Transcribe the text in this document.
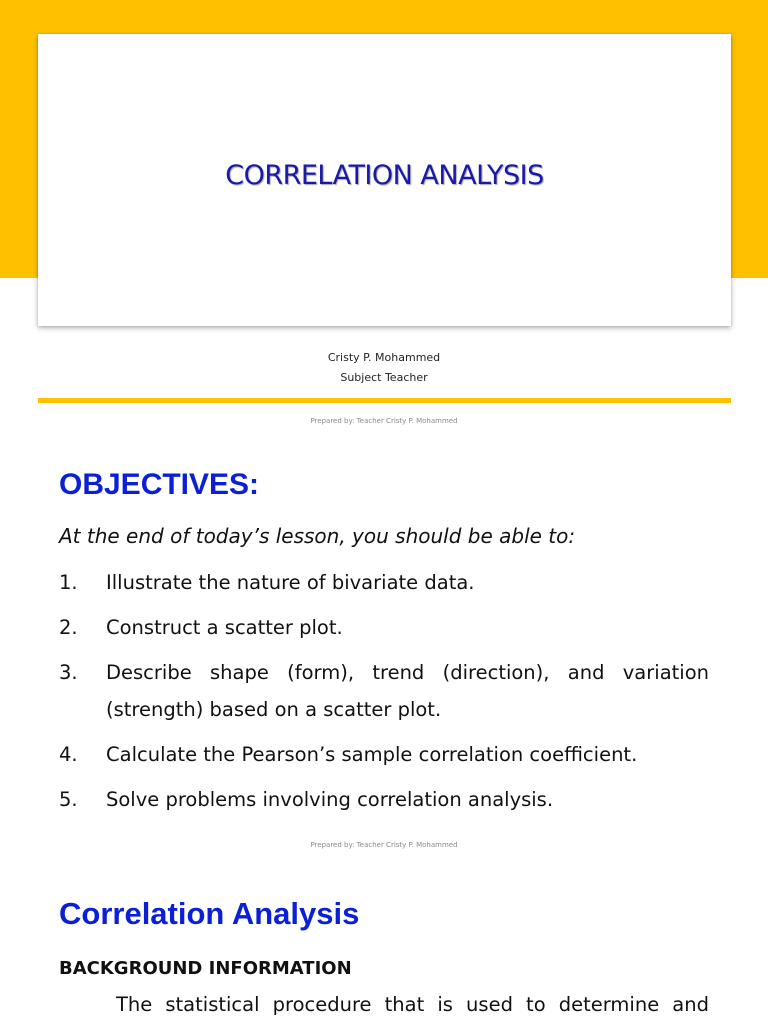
CORRELATION ANALYSIS
Cristy P. Mohammed
Subject Teacher
Prepared by: Teacher Cristy P. Mohammed
OBJECTIVES:
At the end of today’s lesson, you should be able to:
1.	Illustrate the nature of bivariate data.
2.	Construct a scatter plot.
3.	Describe shape (form), trend (direction), and variation (strength) based on a scatter plot.
4.	Calculate the Pearson’s sample correlation coefficient.
5.	Solve problems involving correlation analysis.
Prepared by: Teacher Cristy P. Mohammed
Correlation Analysis
BACKGROUND INFORMATION
The statistical procedure that is used to determine and
